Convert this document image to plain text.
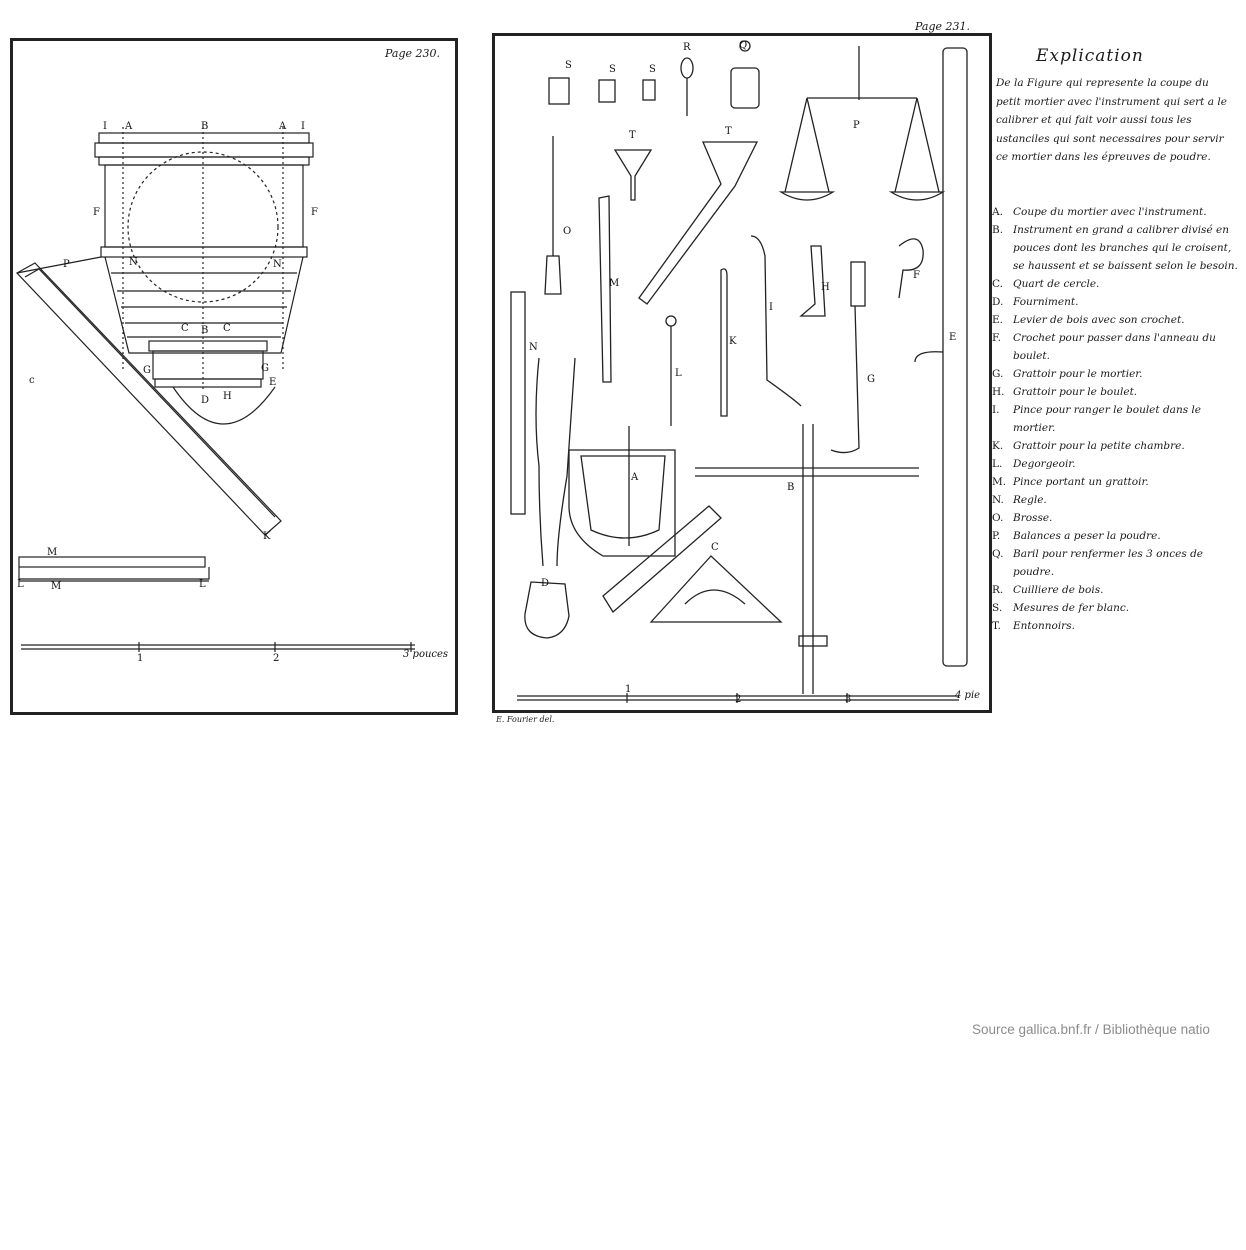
Page 230.
I A	B	A I
F	F
P	N	N
K
c
C B C
G	G
E
D H
M
L	M	L
1	2	3 pouces
Page 231.
S	S	S
R	Q
P
T	T
O
M
N
L
K
I
H
F
E
G
A
B
C
D
1
2	3	4 pie
E. Fourier del.
Explication
De la Figure qui represente la coupe du petit mortier avec l'instrument qui sert a le calibrer et qui fait voir aussi tous les ustanciles qui sont necessaires pour servir ce mortier dans les épreuves de poudre.
A. Coupe du mortier avec l'instrument.
B. Instrument en grand a calibrer divisé en pouces dont les branches qui le croisent, se haussent et se baissent selon le besoin.
C. Quart de cercle.
D. Fourniment.
E. Levier de bois avec son crochet.
F. Crochet pour passer dans l'anneau du boulet.
G. Grattoir pour le mortier.
H. Grattoir pour le boulet.
I. Pince pour ranger le boulet dans le mortier.
K. Grattoir pour la petite chambre.
L. Degorgeoir.
M. Pince portant un grattoir.
N. Regle.
O. Brosse.
P. Balances a peser la poudre.
Q. Baril pour renfermer les 3 onces de poudre.
R. Cuilliere de bois.
S. Mesures de fer blanc.
T. Entonnoirs.
Source gallica.bnf.fr / Bibliothèque natio
